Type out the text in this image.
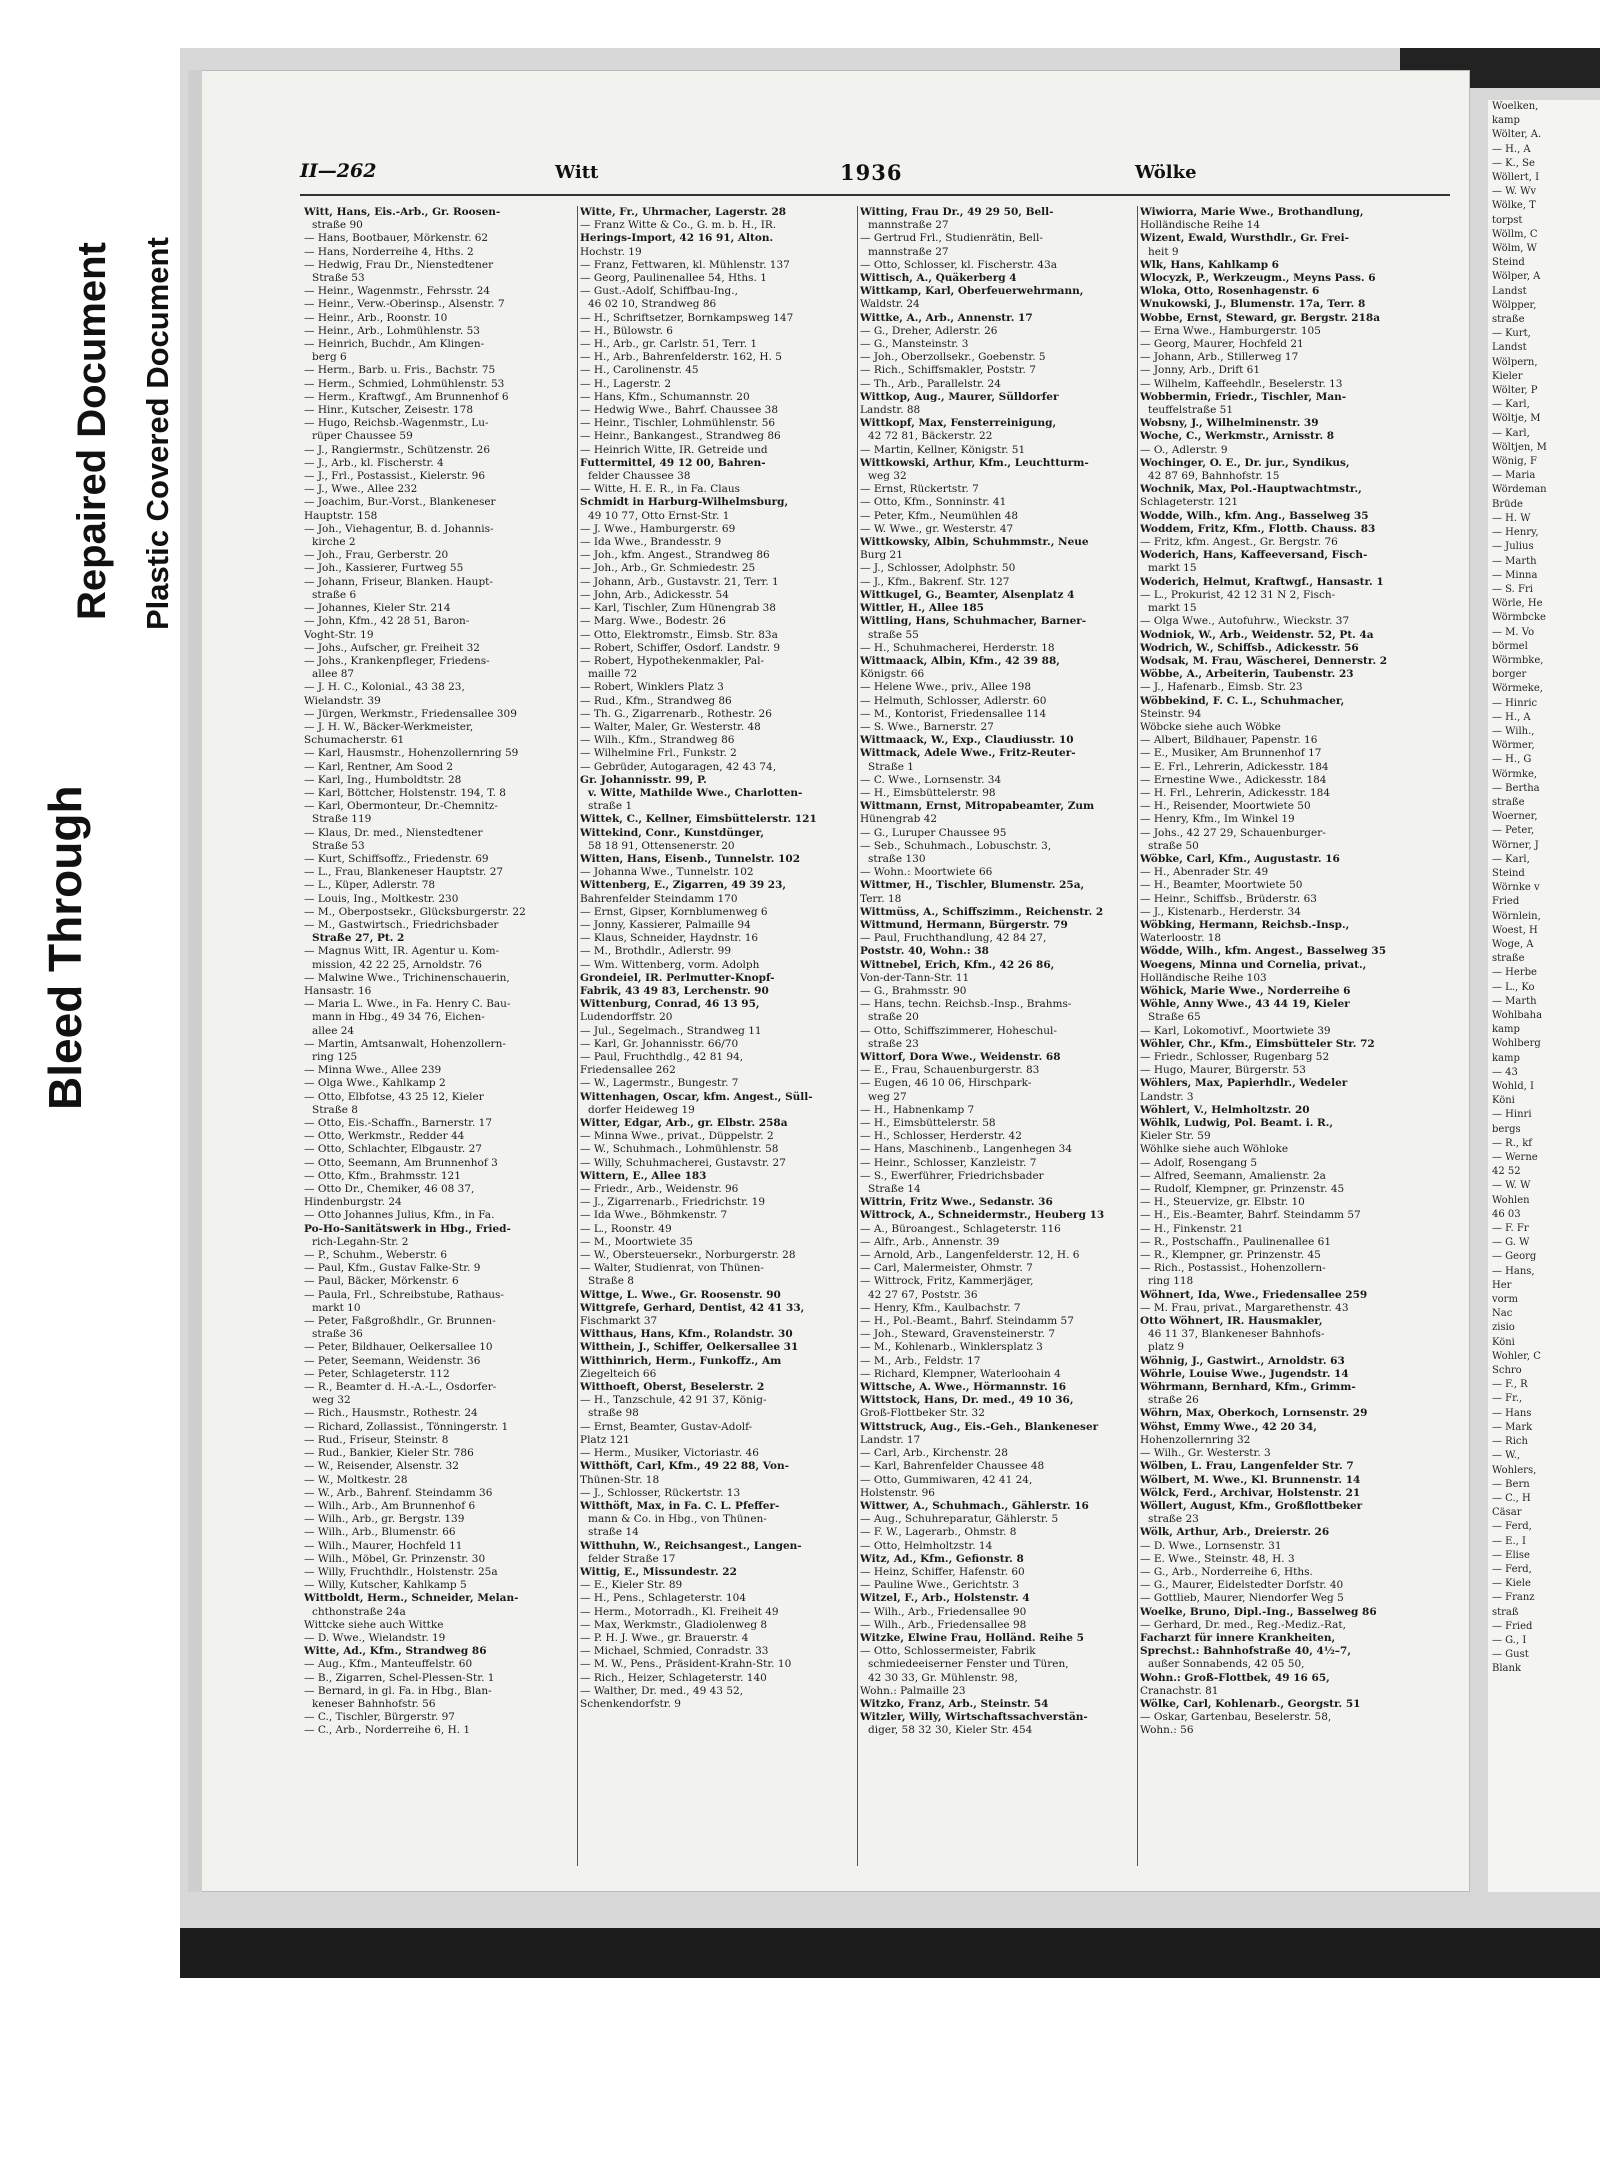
Bleed Through
Repaired Document Plastic Covered Document
Woelken,
kamp
Wölter, A.
— H., A
— K., Se
Wöllert, I
— W. Wv
Wölke, T
torpst
Wöllm, C
Wölm, W
Steind
Wölper, A
Landst
Wölpper,
straße
— Kurt,
Landst
Wölpern,
Kieler
Wölter, P
— Karl,
Wöltje, M
— Karl,
Wöltjen, M
Wönig, F
— Maria
Wördeman
Brüde
— H. W
— Henry,
— Julius
— Marth
— Minna
— S. Fri
Wörle, He
Wörmbcke
— M. Vo
börmel
Wörmbke,
borger
Wörmeke,
— Hinric
— H., A
— Wilh.,
Wörmer,
— H., G
Wörmke,
— Bertha
straße
Woerner,
— Peter,
Wörner, J
— Karl,
Steind
Wörnke v
Fried
Wörnlein,
Woest, H
Woge, A
straße
— Herbe
— L., Ko
— Marth
Wohlbaha
kamp
Wohlberg
kamp
— 43
Wohld, I
Köni
— Hinri
bergs
— R., kf
— Werne
42 52
— W. W
Wohlen
46 03
— F. Fr
— G. W
— Georg
— Hans,
Her
vorm
Nac
zisio
Köni
Wohler, C
Schro
— F., R
— Fr.,
— Hans
— Mark
— Rich
— W.,
Wohlers,
— Bern
— C., H
Cäsar
— Ferd,
— E., I
— Elise
— Ferd,
— Kiele
— Franz
straß
— Fried
— G., I
— Gust
Blank
II—262	Witt	1936	Wölke
Witt, Hans, Eis.-Arb., Gr. Roosen-
straße 90
— Hans, Bootbauer, Mörkenstr. 62
— Hans, Norderreihe 4, Hths. 2
— Hedwig, Frau Dr., Nienstedtener
Straße 53
— Heinr., Wagenmstr., Fehrsstr. 24
— Heinr., Verw.-Oberinsp., Alsenstr. 7
— Heinr., Arb., Roonstr. 10
— Heinr., Arb., Lohmühlenstr. 53
— Heinrich, Buchdr., Am Klingen-
berg 6
— Herm., Barb. u. Fris., Bachstr. 75
— Herm., Schmied, Lohmühlenstr. 53
— Herm., Kraftwgf., Am Brunnenhof 6
— Hinr., Kutscher, Zeisestr. 178
— Hugo, Reichsb.-Wagenmstr., Lu-
rüper Chaussee 59
— J., Rangiermstr., Schützenstr. 26
— J., Arb., kl. Fischerstr. 4
— J., Frl., Postassist., Kielerstr. 96
— J., Wwe., Allee 232
— Joachim, Bur.-Vorst., Blankeneser
Hauptstr. 158
— Joh., Viehagentur, B. d. Johannis-
kirche 2
— Joh., Frau, Gerberstr. 20
— Joh., Kassierer, Furtweg 55
— Johann, Friseur, Blanken. Haupt-
straße 6
— Johannes, Kieler Str. 214
— John, Kfm., 42 28 51, Baron-
Voght-Str. 19
— Johs., Aufscher, gr. Freiheit 32
— Johs., Krankenpfleger, Friedens-
allee 87
— J. H. C., Kolonial., 43 38 23,
Wielandstr. 39
— Jürgen, Werkmstr., Friedensallee 309
— J. H. W., Bäcker-Werkmeister,
Schumacherstr. 61
— Karl, Hausmstr., Hohenzollernring 59
— Karl, Rentner, Am Sood 2
— Karl, Ing., Humboldtstr. 28
— Karl, Böttcher, Holstenstr. 194, T. 8
— Karl, Obermonteur, Dr.-Chemnitz-
Straße 119
— Klaus, Dr. med., Nienstedtener
Straße 53
— Kurt, Schiffsoffz., Friedenstr. 69
— L., Frau, Blankeneser Hauptstr. 27
— L., Küper, Adlerstr. 78
— Louis, Ing., Moltkestr. 230
— M., Oberpostsekr., Glücksburgerstr. 22
— M., Gastwirtsch., Friedrichsbader
Straße 27, Pt. 2
— Magnus Witt, IR. Agentur u. Kom-
mission, 42 22 25, Arnoldstr. 76
— Malwine Wwe., Trichinenschauerin,
Hansastr. 16
— Maria L. Wwe., in Fa. Henry C. Bau-
mann in Hbg., 49 34 76, Eichen-
allee 24
— Martin, Amtsanwalt, Hohenzollern-
ring 125
— Minna Wwe., Allee 239
— Olga Wwe., Kahlkamp 2
— Otto, Elbfotse, 43 25 12, Kieler
Straße 8
— Otto, Eis.-Schaffn., Barnerstr. 17
— Otto, Werkmstr., Redder 44
— Otto, Schlachter, Elbgaustr. 27
— Otto, Seemann, Am Brunnenhof 3
— Otto, Kfm., Brahmsstr. 121
— Otto Dr., Chemiker, 46 08 37,
Hindenburgstr. 24
— Otto Johannes Julius, Kfm., in Fa.
Po-Ho-Sanitätswerk in Hbg., Fried-
rich-Legahn-Str. 2
— P., Schuhm., Weberstr. 6
— Paul, Kfm., Gustav Falke-Str. 9
— Paul, Bäcker, Mörkenstr. 6
— Paula, Frl., Schreibstube, Rathaus-
markt 10
— Peter, Faßgroßhdlr., Gr. Brunnen-
straße 36
— Peter, Bildhauer, Oelkersallee 10
— Peter, Seemann, Weidenstr. 36
— Peter, Schlageterstr. 112
— R., Beamter d. H.-A.-L., Osdorfer-
weg 32
— Rich., Hausmstr., Rothestr. 24
— Richard, Zollassist., Tönningerstr. 1
— Rud., Friseur, Steinstr. 8
— Rud., Bankier, Kieler Str. 786
— W., Reisender, Alsenstr. 32
— W., Moltkestr. 28
— W., Arb., Bahrenf. Steindamm 36
— Wilh., Arb., Am Brunnenhof 6
— Wilh., Arb., gr. Bergstr. 139
— Wilh., Arb., Blumenstr. 66
— Wilh., Maurer, Hochfeld 11
— Wilh., Möbel, Gr. Prinzenstr. 30
— Willy, Fruchthdlr., Holstenstr. 25a
— Willy, Kutscher, Kahlkamp 5
Wittboldt, Herm., Schneider, Melan-
chthonstraße 24a
Wittcke siehe auch Wittke
— D. Wwe., Wielandstr. 19
Witte, Ad., Kfm., Strandweg 86
— Aug., Kfm., Manteuffelstr. 60
— B., Zigarren, Schel-Plessen-Str. 1
— Bernard, in gl. Fa. in Hbg., Blan-
keneser Bahnhofstr. 56
— C., Tischler, Bürgerstr. 97
— C., Arb., Norderreihe 6, H. 1
Witte, Fr., Uhrmacher, Lagerstr. 28
— Franz Witte & Co., G. m. b. H., IR.
Herings-Import, 42 16 91, Alton.
Hochstr. 19
— Franz, Fettwaren, kl. Mühlenstr. 137
— Georg, Paulinenallee 54, Hths. 1
— Gust.-Adolf, Schiffbau-Ing.,
46 02 10, Strandweg 86
— H., Schriftsetzer, Bornkampsweg 147
— H., Bülowstr. 6
— H., Arb., gr. Carlstr. 51, Terr. 1
— H., Arb., Bahrenfelderstr. 162, H. 5
— H., Carolinenstr. 45
— H., Lagerstr. 2
— Hans, Kfm., Schumannstr. 20
— Hedwig Wwe., Bahrf. Chaussee 38
— Heinr., Tischler, Lohmühlenstr. 56
— Heinr., Bankangest., Strandweg 86
— Heinrich Witte, IR. Getreide und
Futtermittel, 49 12 00, Bahren-
felder Chaussee 38
— Witte, H. E. R., in Fa. Claus
Schmidt in Harburg-Wilhelmsburg,
49 10 77, Otto Ernst-Str. 1
— J. Wwe., Hamburgerstr. 69
— Ida Wwe., Brandesstr. 9
— Joh., kfm. Angest., Strandweg 86
— Joh., Arb., Gr. Schmiedestr. 25
— Johann, Arb., Gustavstr. 21, Terr. 1
— John, Arb., Adickesstr. 54
— Karl, Tischler, Zum Hünengrab 38
— Marg. Wwe., Bodestr. 26
— Otto, Elektromstr., Eimsb. Str. 83a
— Robert, Schiffer, Osdorf. Landstr. 9
— Robert, Hypothekenmakler, Pal-
maille 72
— Robert, Winklers Platz 3
— Rud., Kfm., Strandweg 86
— Th. G., Zigarrenarb., Rothestr. 26
— Walter, Maler, Gr. Westerstr. 48
— Wilh., Kfm., Strandweg 86
— Wilhelmine Frl., Funkstr. 2
— Gebrüder, Autogaragen, 42 43 74,
Gr. Johannisstr. 99, P.
v. Witte, Mathilde Wwe., Charlotten-
straße 1
Wittek, C., Kellner, Eimsbüttelerstr. 121
Wittekind, Conr., Kunstdünger,
58 18 91, Ottensenerstr. 20
Witten, Hans, Eisenb., Tunnelstr. 102
— Johanna Wwe., Tunnelstr. 102
Wittenberg, E., Zigarren, 49 39 23,
Bahrenfelder Steindamm 170
— Ernst, Gipser, Kornblumenweg 6
— Jonny, Kassierer, Palmaille 94
— Klaus, Schneider, Haydnstr. 16
— M., Brothdlr., Adlerstr. 99
— Wm. Wittenberg, vorm. Adolph
Grondeiel, IR. Perlmutter-Knopf-
Fabrik, 43 49 83, Lerchenstr. 90
Wittenburg, Conrad, 46 13 95,
Ludendorffstr. 20
— Jul., Segelmach., Strandweg 11
— Karl, Gr. Johannisstr. 66/70
— Paul, Fruchthdlg., 42 81 94,
Friedensallee 262
— W., Lagermstr., Bungestr. 7
Wittenhagen, Oscar, kfm. Angest., Süll-
dorfer Heideweg 19
Witter, Edgar, Arb., gr. Elbstr. 258a
— Minna Wwe., privat., Düppelstr. 2
— W., Schuhmach., Lohmühlenstr. 58
— Willy, Schuhmacherei, Gustavstr. 27
Wittern, E., Allee 183
— Friedr., Arb., Weidenstr. 96
— J., Zigarrenarb., Friedrichstr. 19
— Ida Wwe., Böhmkenstr. 7
— L., Roonstr. 49
— M., Moortwiete 35
— W., Obersteuersekr., Norburgerstr. 28
— Walter, Studienrat, von Thünen-
Straße 8
Wittge, L. Wwe., Gr. Roosenstr. 90
Wittgrefe, Gerhard, Dentist, 42 41 33,
Fischmarkt 37
Witthaus, Hans, Kfm., Rolandstr. 30
Witthein, J., Schiffer, Oelkersallee 31
Witthinrich, Herm., Funkoffz., Am
Ziegelteich 66
Witthoeft, Oberst, Beselerstr. 2
— H., Tanzschule, 42 91 37, König-
straße 98
— Ernst, Beamter, Gustav-Adolf-
Platz 121
— Herm., Musiker, Victoriastr. 46
Witthöft, Carl, Kfm., 49 22 88, Von-
Thünen-Str. 18
— J., Schlosser, Rückertstr. 13
Witthöft, Max, in Fa. C. L. Pfeffer-
mann & Co. in Hbg., von Thünen-
straße 14
Witthuhn, W., Reichsangest., Langen-
felder Straße 17
Wittig, E., Missundestr. 22
— E., Kieler Str. 89
— H., Pens., Schlageterstr. 104
— Herm., Motorradh., Kl. Freiheit 49
— Max, Werkmstr., Gladiolenweg 8
— P. H. J. Wwe., gr. Brauerstr. 4
— Michael, Schmied, Conradstr. 33
— M. W., Pens., Präsident-Krahn-Str. 10
— Rich., Heizer, Schlageterstr. 140
— Walther, Dr. med., 49 43 52,
Schenkendorfstr. 9
Witting, Frau Dr., 49 29 50, Bell-
mannstraße 27
— Gertrud Frl., Studienrätin, Bell-
mannstraße 27
— Otto, Schlosser, kl. Fischerstr. 43a
Wittisch, A., Quäkerberg 4
Wittkamp, Karl, Oberfeuerwehrmann,
Waldstr. 24
Wittke, A., Arb., Annenstr. 17
— G., Dreher, Adlerstr. 26
— G., Mansteinstr. 3
— Joh., Oberzollsekr., Goebenstr. 5
— Rich., Schiffsmakler, Poststr. 7
— Th., Arb., Parallelstr. 24
Wittkop, Aug., Maurer, Sülldorfer
Landstr. 88
Wittkopf, Max, Fensterreinigung,
42 72 81, Bäckerstr. 22
— Martin, Kellner, Königstr. 51
Wittkowski, Arthur, Kfm., Leuchtturm-
weg 32
— Ernst, Rückertstr. 7
— Otto, Kfm., Sonninstr. 41
— Peter, Kfm., Neumühlen 48
— W. Wwe., gr. Westerstr. 47
Wittkowsky, Albin, Schuhmmstr., Neue
Burg 21
— J., Schlosser, Adolphstr. 50
— J., Kfm., Bakrenf. Str. 127
Wittkugel, G., Beamter, Alsenplatz 4
Wittler, H., Allee 185
Wittling, Hans, Schuhmacher, Barner-
straße 55
— H., Schuhmacherei, Herderstr. 18
Wittmaack, Albin, Kfm., 42 39 88,
Königstr. 66
— Helene Wwe., priv., Allee 198
— Helmuth, Schlosser, Adlerstr. 60
— M., Kontorist, Friedensallee 114
— S. Wwe., Barnerstr. 27
Wittmaack, W., Exp., Claudiusstr. 10
Wittmack, Adele Wwe., Fritz-Reuter-
Straße 1
— C. Wwe., Lornsenstr. 34
— H., Eimsbüttelerstr. 98
Wittmann, Ernst, Mitropabeamter, Zum
Hünengrab 42
— G., Luruper Chaussee 95
— Seb., Schuhmach., Lobuschstr. 3,
straße 130
— Wohn.: Moortwiete 66
Wittmer, H., Tischler, Blumenstr. 25a,
Terr. 18
Wittmüss, A., Schiffszimm., Reichenstr. 2
Wittmund, Hermann, Bürgerstr. 79
— Paul, Fruchthandlung, 42 84 27,
Poststr. 40, Wohn.: 38
Wittnebel, Erich, Kfm., 42 26 86,
Von-der-Tann-Str. 11
— G., Brahmsstr. 90
— Hans, techn. Reichsb.-Insp., Brahms-
straße 20
— Otto, Schiffszimmerer, Hoheschul-
straße 23
Wittorf, Dora Wwe., Weidenstr. 68
— E., Frau, Schauenburgerstr. 83
— Eugen, 46 10 06, Hirschpark-
weg 27
— H., Habnenkamp 7
— H., Eimsbüttelerstr. 58
— H., Schlosser, Herderstr. 42
— Hans, Maschinenb., Langenhegen 34
— Heinr., Schlosser, Kanzleistr. 7
— S., Ewerführer, Friedrichsbader
Straße 14
Wittrin, Fritz Wwe., Sedanstr. 36
Wittrock, A., Schneidermstr., Heuberg 13
— A., Büroangest., Schlageterstr. 116
— Alfr., Arb., Annenstr. 39
— Arnold, Arb., Langenfelderstr. 12, H. 6
— Carl, Malermeister, Ohmstr. 7
— Wittrock, Fritz, Kammerjäger,
42 27 67, Poststr. 36
— Henry, Kfm., Kaulbachstr. 7
— H., Pol.-Beamt., Bahrf. Steindamm 57
— Joh., Steward, Gravensteinerstr. 7
— M., Kohlenarb., Winklersplatz 3
— M., Arb., Feldstr. 17
— Richard, Klempner, Waterloohain 4
Wittsche, A. Wwe., Hörmannstr. 16
Wittstock, Hans, Dr. med., 49 10 36,
Groß-Flottbeker Str. 32
Wittstruck, Aug., Eis.-Geh., Blankeneser
Landstr. 17
— Carl, Arb., Kirchenstr. 28
— Karl, Bahrenfelder Chaussee 48
— Otto, Gummiwaren, 42 41 24,
Holstenstr. 96
Wittwer, A., Schuhmach., Gählerstr. 16
— Aug., Schuhreparatur, Gählerstr. 5
— F. W., Lagerarb., Ohmstr. 8
— Otto, Helmholtzstr. 14
Witz, Ad., Kfm., Gefionstr. 8
— Heinz, Schiffer, Hafenstr. 60
— Pauline Wwe., Gerichtstr. 3
Witzel, F., Arb., Holstenstr. 4
— Wilh., Arb., Friedensallee 90
— Wilh., Arb., Friedensallee 98
Witzke, Elwine Frau, Holländ. Reihe 5
— Otto, Schlossermeister, Fabrik
schmiedeeiserner Fenster und Türen,
42 30 33, Gr. Mühlenstr. 98,
Wohn.: Palmaille 23
Witzko, Franz, Arb., Steinstr. 54
Witzler, Willy, Wirtschaftssachverstän-
diger, 58 32 30, Kieler Str. 454
Wiwiorra, Marie Wwe., Brothandlung,
Holländische Reihe 14
Wizent, Ewald, Wursthdlr., Gr. Frei-
heit 9
Wlk, Hans, Kahlkamp 6
Wlocyzk, P., Werkzeugm., Meyns Pass. 6
Wloka, Otto, Rosenhagenstr. 6
Wnukowski, J., Blumenstr. 17a, Terr. 8
Wobbe, Ernst, Steward, gr. Bergstr. 218a
— Erna Wwe., Hamburgerstr. 105
— Georg, Maurer, Hochfeld 21
— Johann, Arb., Stillerweg 17
— Jonny, Arb., Drift 61
— Wilhelm, Kaffeehdlr., Beselerstr. 13
Wobbermin, Friedr., Tischler, Man-
teuffelstraße 51
Wobsny, J., Wilhelminenstr. 39
Woche, C., Werkmstr., Arnisstr. 8
— O., Adlerstr. 9
Wochinger, O. E., Dr. jur., Syndikus,
42 87 69, Bahnhofstr. 15
Wochnik, Max, Pol.-Hauptwachtmstr.,
Schlageterstr. 121
Wodde, Wilh., kfm. Ang., Basselweg 35
Woddem, Fritz, Kfm., Flottb. Chauss. 83
— Fritz, kfm. Angest., Gr. Bergstr. 76
Woderich, Hans, Kaffeeversand, Fisch-
markt 15
Woderich, Helmut, Kraftwgf., Hansastr. 1
— L., Prokurist, 42 12 31 N 2, Fisch-
markt 15
— Olga Wwe., Autofuhrw., Wieckstr. 37
Wodniok, W., Arb., Weidenstr. 52, Pt. 4a
Wodrich, W., Schiffsb., Adickesstr. 56
Wodsak, M. Frau, Wäscherei, Dennerstr. 2
Wöbbe, A., Arbeiterin, Taubenstr. 23
— J., Hafenarb., Eimsb. Str. 23
Wöbbekind, F. C. L., Schuhmacher,
Steinstr. 94
Wöbcke siehe auch Wöbke
— Albert, Bildhauer, Papenstr. 16
— E., Musiker, Am Brunnenhof 17
— E. Frl., Lehrerin, Adickesstr. 184
— Ernestine Wwe., Adickesstr. 184
— H. Frl., Lehrerin, Adickesstr. 184
— H., Reisender, Moortwiete 50
— Henry, Kfm., Im Winkel 19
— Johs., 42 27 29, Schauenburger-
straße 50
Wöbke, Carl, Kfm., Augustastr. 16
— H., Abenrader Str. 49
— H., Beamter, Moortwiete 50
— Heinr., Schiffsb., Brüderstr. 63
— J., Kistenarb., Herderstr. 34
Wöbking, Hermann, Reichsb.-Insp.,
Waterloostr. 18
Wödde, Wilh., kfm. Angest., Basselweg 35
Woegens, Minna und Cornelia, privat.,
Holländische Reihe 103
Wöhick, Marie Wwe., Norderreihe 6
Wöhle, Anny Wwe., 43 44 19, Kieler
Straße 65
— Karl, Lokomotivf., Moortwiete 39
Wöhler, Chr., Kfm., Eimsbütteler Str. 72
— Friedr., Schlosser, Rugenbarg 52
— Hugo, Maurer, Bürgerstr. 53
Wöhlers, Max, Papierhdlr., Wedeler
Landstr. 3
Wöhlert, V., Helmholtzstr. 20
Wöhlk, Ludwig, Pol. Beamt. i. R.,
Kieler Str. 59
Wöhlke siehe auch Wöhloke
— Adolf, Rosengang 5
— Alfred, Seemann, Amalienstr. 2a
— Rudolf, Klempner, gr. Prinzenstr. 45
— H., Steuervize, gr. Elbstr. 10
— H., Eis.-Beamter, Bahrf. Steindamm 57
— H., Finkenstr. 21
— R., Postschaffn., Paulinenallee 61
— R., Klempner, gr. Prinzenstr. 45
— Rich., Postassist., Hohenzollern-
ring 118
Wöhnert, Ida, Wwe., Friedensallee 259
— M. Frau, privat., Margarethenstr. 43
Otto Wöhnert, IR. Hausmakler,
46 11 37, Blankeneser Bahnhofs-
platz 9
Wöhnig, J., Gastwirt., Arnoldstr. 63
Wöhrle, Louise Wwe., Jugendstr. 14
Wöhrmann, Bernhard, Kfm., Grimm-
straße 26
Wöhrn, Max, Oberkoch, Lornsenstr. 29
Wöhst, Emmy Wwe., 42 20 34,
Hohenzollernring 32
— Wilh., Gr. Westerstr. 3
Wölben, L. Frau, Langenfelder Str. 7
Wölbert, M. Wwe., Kl. Brunnenstr. 14
Wölck, Ferd., Archivar, Holstenstr. 21
Wöllert, August, Kfm., Großflottbeker
straße 23
Wölk, Arthur, Arb., Dreierstr. 26
— D. Wwe., Lornsenstr. 31
— E. Wwe., Steinstr. 48, H. 3
— G., Arb., Norderreihe 6, Hths.
— G., Maurer, Eidelstedter Dorfstr. 40
— Gottlieb, Maurer, Niendorfer Weg 5
Woelke, Bruno, Dipl.-Ing., Basselweg 86
— Gerhard, Dr. med., Reg.-Mediz.-Rat,
Facharzt für innere Krankheiten,
Sprechst.: Bahnhofstraße 40, 4½–7,
außer Sonnabends, 42 05 50,
Wohn.: Groß-Flottbek, 49 16 65,
Cranachstr. 81
Wölke, Carl, Kohlenarb., Georgstr. 51
— Oskar, Gartenbau, Beselerstr. 58,
Wohn.: 56
